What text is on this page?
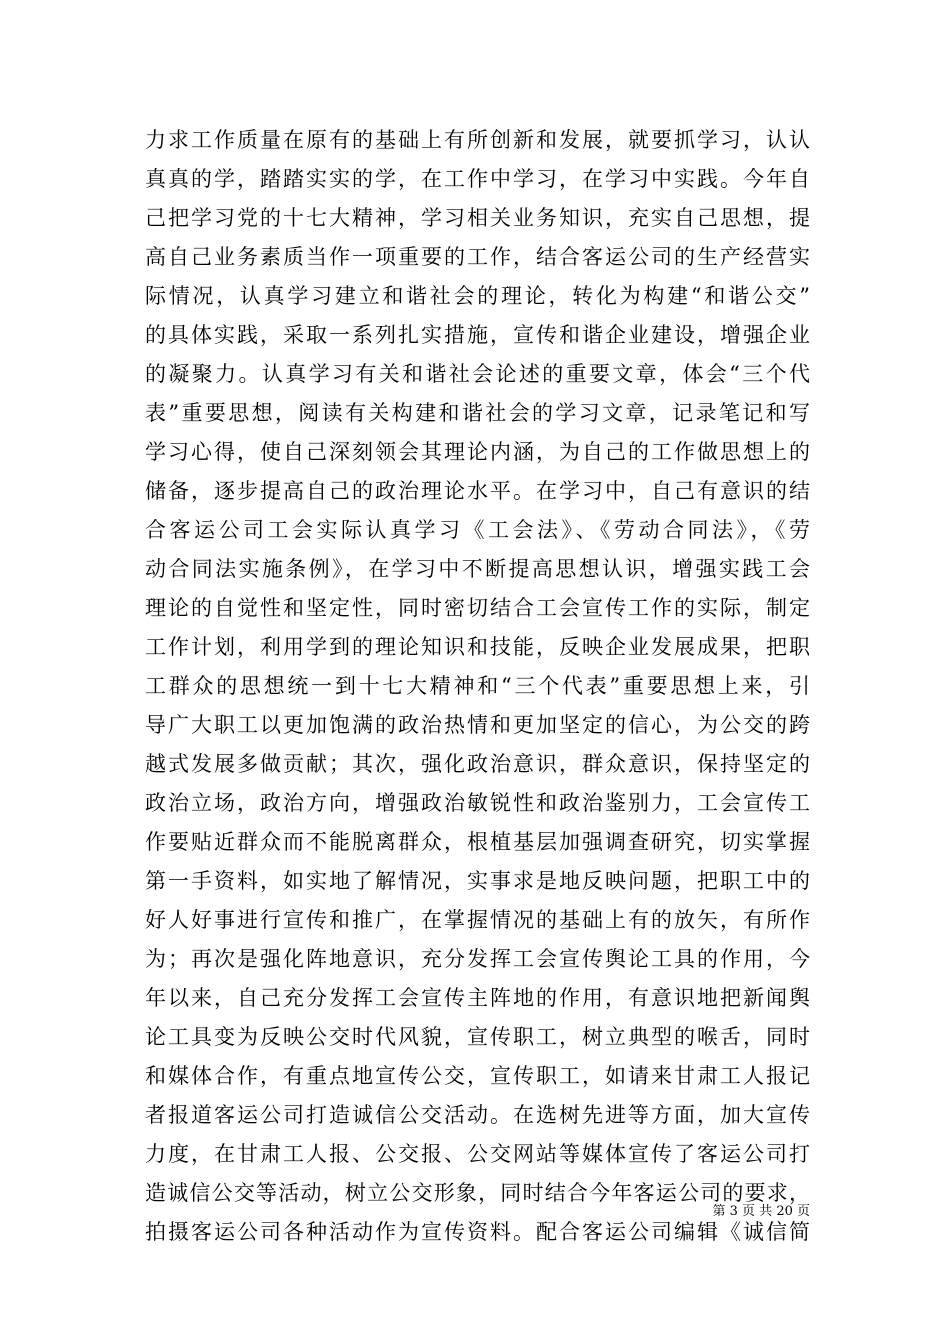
力求工作质量在原有的基础上有所创新和发展，就要抓学习，认认
真真的学，踏踏实实的学，在工作中学习，在学习中实践。今年自
己把学习党的十七大精神，学习相关业务知识，充实自己思想，提
高自己业务素质当作一项重要的工作，结合客运公司的生产经营实
际情况，认真学习建立和谐社会的理论，转化为构建“和谐公交”
的具体实践，采取一系列扎实措施，宣传和谐企业建设，增强企业
的凝聚力。认真学习有关和谐社会论述的重要文章，体会“三个代
表”重要思想，阅读有关构建和谐社会的学习文章，记录笔记和写
学习心得，使自己深刻领会其理论内涵，为自己的工作做思想上的
储备，逐步提高自己的政治理论水平。在学习中，自己有意识的结
合客运公司工会实际认真学习《工会法》、《劳动合同法》，《劳
动合同法实施条例》，在学习中不断提高思想认识，增强实践工会
理论的自觉性和坚定性，同时密切结合工会宣传工作的实际，制定
工作计划，利用学到的理论知识和技能，反映企业发展成果，把职
工群众的思想统一到十七大精神和“三个代表”重要思想上来，引
导广大职工以更加饱满的政治热情和更加坚定的信心，为公交的跨
越式发展多做贡献；其次，强化政治意识，群众意识，保持坚定的
政治立场，政治方向，增强政治敏锐性和政治鉴别力，工会宣传工
作要贴近群众而不能脱离群众，根植基层加强调查研究，切实掌握
第一手资料，如实地了解情况，实事求是地反映问题，把职工中的
好人好事进行宣传和推广，在掌握情况的基础上有的放矢，有所作
为；再次是强化阵地意识，充分发挥工会宣传舆论工具的作用，今
年以来，自己充分发挥工会宣传主阵地的作用，有意识地把新闻舆
论工具变为反映公交时代风貌，宣传职工，树立典型的喉舌，同时
和媒体合作，有重点地宣传公交，宣传职工，如请来甘肃工人报记
者报道客运公司打造诚信公交活动。在选树先进等方面，加大宣传
力度，在甘肃工人报、公交报、公交网站等媒体宣传了客运公司打
造诚信公交等活动，树立公交形象，同时结合今年客运公司的要求，
拍摄客运公司各种活动作为宣传资料。配合客运公司编辑《诚信简
第 3 页 共 20 页
